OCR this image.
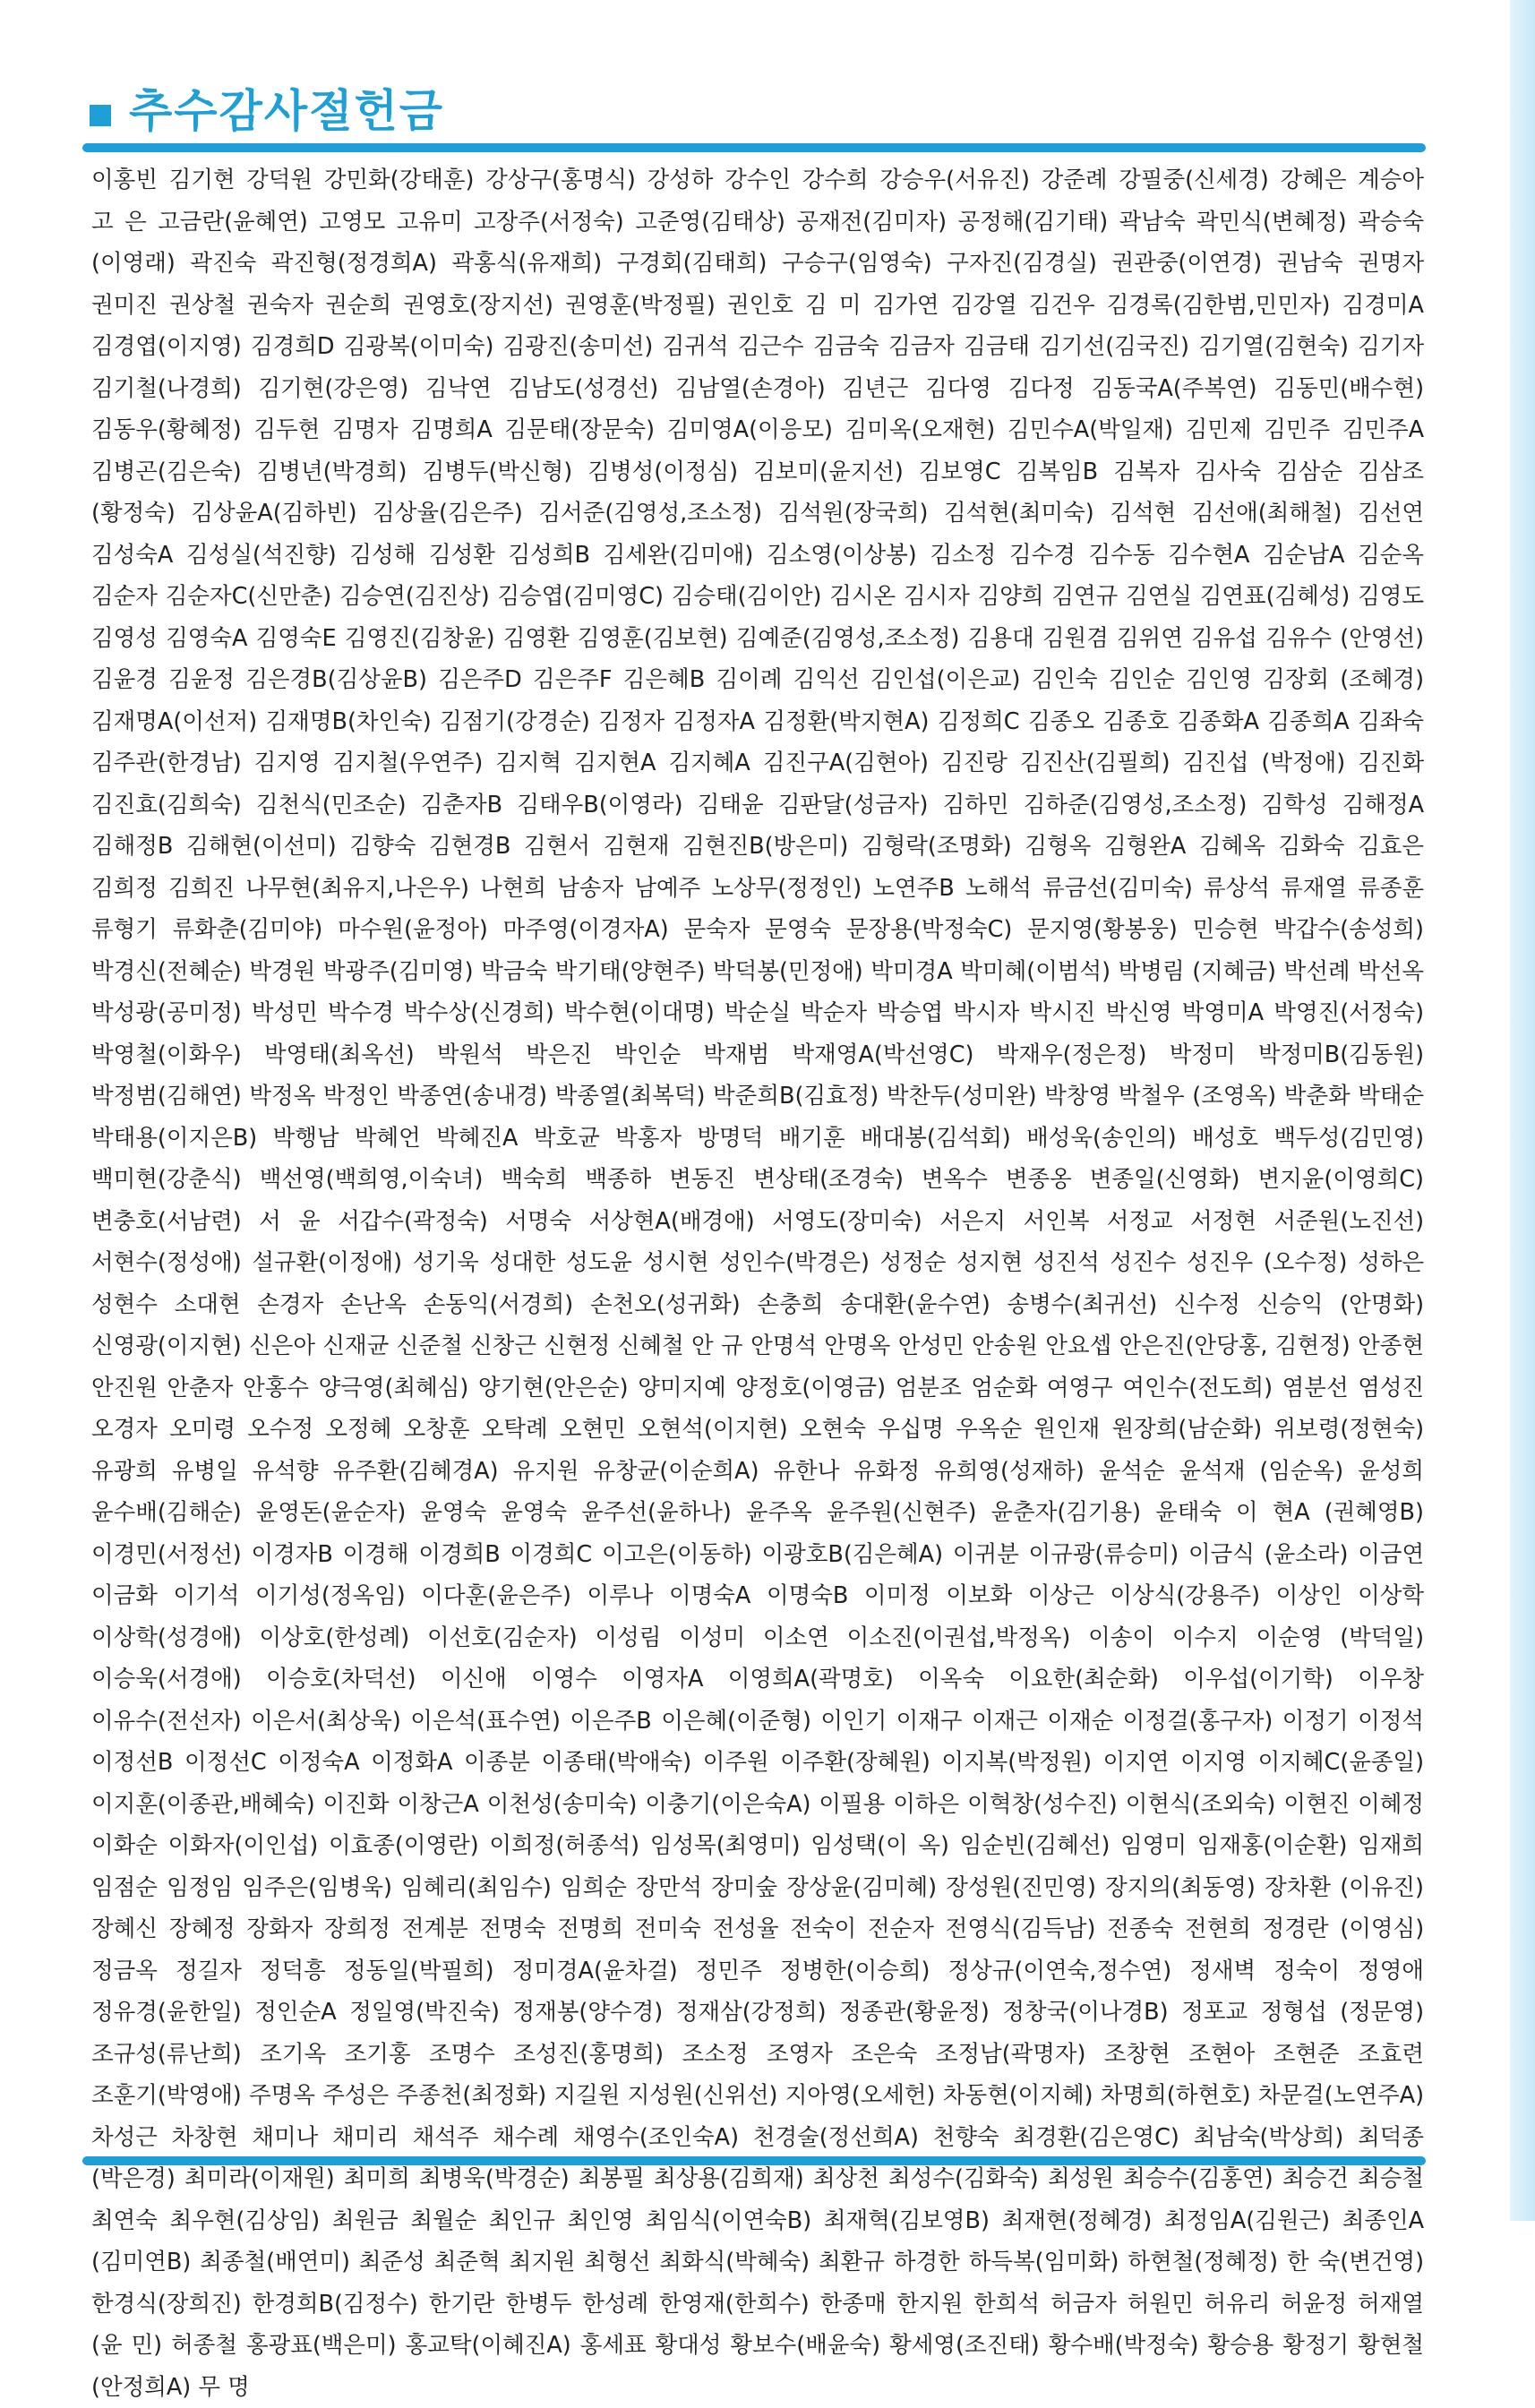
추수감사절헌금

이홍빈 김기현 강덕원 강민화(강태훈) 강상구(홍명식) 강성하 강수인 강수희 강승우(서유진) 강준례 강필중(신세경) 강혜은 계승아 고 은 고금란(윤혜연) 고영모 고유미 고장주(서정숙) 고준영(김태상) 공재전(김미자) 공정해(김기태) 곽남숙 곽민식(변혜정) 곽승숙 (이영래) 곽진숙 곽진형(정경희A) 곽홍식(유재희) 구경회(김태희) 구승구(임영숙) 구자진(김경실) 권관중(이연경) 권남숙 권명자 권미진 권상철 권숙자 권순희 권영호(장지선) 권영훈(박정필) 권인호 김 미 김가연 김강열 김건우 김경록(김한범,민민자) 김경미A 김경엽(이지영) 김경희D 김광복(이미숙) 김광진(송미선) 김귀석 김근수 김금숙 김금자 김금태 김기선(김국진) 김기열(김현숙) 김기자 김기철(나경희) 김기현(강은영) 김낙연 김남도(성경선) 김남열(손경아) 김년근 김다영 김다정 김동국A(주복연) 김동민(배수현) 김동우(황혜정) 김두현 김명자 김명희A 김문태(장문숙) 김미영A(이응모) 김미옥(오재현) 김민수A(박일재) 김민제 김민주 김민주A 김병곤(김은숙) 김병년(박경희) 김병두(박신형) 김병성(이정심) 김보미(윤지선) 김보영C 김복임B 김복자 김사숙 김삼순 김삼조 (황정숙) 김상윤A(김하빈) 김상율(김은주) 김서준(김영성,조소정) 김석원(장국희) 김석현(최미숙) 김석현 김선애(최해철) 김선연 김성숙A 김성실(석진향) 김성해 김성환 김성희B 김세완(김미애) 김소영(이상봉) 김소정 김수경 김수동 김수현A 김순남A 김순옥 김순자 김순자C(신만춘) 김승연(김진상) 김승엽(김미영C) 김승태(김이안) 김시온 김시자 김양희 김연규 김연실 김연표(김혜성) 김영도 김영성 김영숙A 김영숙E 김영진(김창윤) 김영환 김영훈(김보현) 김예준(김영성,조소정) 김용대 김원겸 김위연 김유섭 김유수 (안영선) 김윤경 김윤정 김은경B(김상윤B) 김은주D 김은주F 김은혜B 김이례 김익선 김인섭(이은교) 김인숙 김인순 김인영 김장회 (조혜경) 김재명A(이선저) 김재명B(차인숙) 김점기(강경순) 김정자 김정자A 김정환(박지현A) 김정희C 김종오 김종호 김종화A 김종희A 김좌숙 김주관(한경남) 김지영 김지철(우연주) 김지혁 김지현A 김지혜A 김진구A(김현아) 김진랑 김진산(김필희) 김진섭 (박정애) 김진화 김진효(김희숙) 김천식(민조순) 김춘자B 김태우B(이영라) 김태윤 김판달(성금자) 김하민 김하준(김영성,조소정) 김학성 김해정A 김해정B 김해현(이선미) 김향숙 김현경B 김현서 김현재 김현진B(방은미) 김형락(조명화) 김형옥 김형완A 김혜옥 김화숙 김효은 김희정 김희진 나무현(최유지,나은우) 나현희 남송자 남예주 노상무(정정인) 노연주B 노해석 류금선(김미숙) 류상석 류재열 류종훈 류형기 류화춘(김미야) 마수원(윤정아) 마주영(이경자A) 문숙자 문영숙 문장용(박정숙C) 문지영(황봉웅) 민승현 박갑수(송성희) 박경신(전혜순) 박경원 박광주(김미영) 박금숙 박기태(양현주) 박덕봉(민정애) 박미경A 박미혜(이범석) 박병림 (지혜금) 박선례 박선옥 박성광(공미정) 박성민 박수경 박수상(신경희) 박수현(이대명) 박순실 박순자 박승엽 박시자 박시진 박신영 박영미A 박영진(서정숙) 박영철(이화우) 박영태(최옥선) 박원석 박은진 박인순 박재범 박재영A(박선영C) 박재우(정은정) 박정미 박정미B(김동원) 박정범(김해연) 박정옥 박정인 박종연(송내경) 박종열(최복덕) 박준희B(김효정) 박찬두(성미완) 박창영 박철우 (조영옥) 박춘화 박태순 박태용(이지은B) 박행남 박혜언 박혜진A 박호균 박홍자 방명덕 배기훈 배대봉(김석회) 배성욱(송인의) 배성호 백두성(김민영) 백미현(강춘식) 백선영(백희영,이숙녀) 백숙희 백종하 변동진 변상태(조경숙) 변옥수 변종옹 변종일(신영화) 변지윤(이영희C) 변충호(서남련) 서 윤 서갑수(곽정숙) 서명숙 서상현A(배경애) 서영도(장미숙) 서은지 서인복 서정교 서정현 서준원(노진선) 서현수(정성애) 설규환(이정애) 성기욱 성대한 성도윤 성시현 성인수(박경은) 성정순 성지현 성진석 성진수 성진우 (오수정) 성하은 성현수 소대현 손경자 손난옥 손동익(서경희) 손천오(성귀화) 손충희 송대환(윤수연) 송병수(최귀선) 신수정 신승익 (안명화) 신영광(이지현) 신은아 신재균 신준철 신창근 신현정 신혜철 안 규 안명석 안명옥 안성민 안송원 안요셉 안은진(안당홍, 김현정) 안종현 안진원 안춘자 안홍수 양극영(최혜심) 양기현(안은순) 양미지예 양정호(이영금) 엄분조 엄순화 여영구 여인수(전도희) 염분선 염성진 오경자 오미령 오수정 오정혜 오창훈 오탁례 오현민 오현석(이지현) 오현숙 우십명 우옥순 원인재 원장희(남순화) 위보령(정현숙) 유광희 유병일 유석향 유주환(김혜경A) 유지원 유창균(이순희A) 유한나 유화정 유희영(성재하) 윤석순 윤석재 (임순옥) 윤성희 윤수배(김해순) 윤영돈(윤순자) 윤영숙 윤영숙 윤주선(윤하나) 윤주옥 윤주원(신현주) 윤춘자(김기용) 윤태숙 이 현A (권혜영B) 이경민(서정선) 이경자B 이경해 이경희B 이경희C 이고은(이동하) 이광호B(김은혜A) 이귀분 이규광(류승미) 이금식 (윤소라) 이금연 이금화 이기석 이기성(정옥임) 이다훈(윤은주) 이루나 이명숙A 이명숙B 이미정 이보화 이상근 이상식(강용주) 이상인 이상학 이상학(성경애) 이상호(한성례) 이선호(김순자) 이성림 이성미 이소연 이소진(이권섭,박정옥) 이송이 이수지 이순영 (박덕일) 이승욱(서경애) 이승호(차덕선) 이신애 이영수 이영자A 이영희A(곽명호) 이옥숙 이요한(최순화) 이우섭(이기학) 이우창 이유수(전선자) 이은서(최상욱) 이은석(표수연) 이은주B 이은혜(이준형) 이인기 이재구 이재근 이재순 이정걸(홍구자) 이정기 이정석 이정선B 이정선C 이정숙A 이정화A 이종분 이종태(박애숙) 이주원 이주환(장혜원) 이지복(박정원) 이지연 이지영 이지혜C(윤종일) 이지훈(이종관,배혜숙) 이진화 이창근A 이천성(송미숙) 이충기(이은숙A) 이필용 이하은 이혁창(성수진) 이현식(조외숙) 이현진 이혜정 이화순 이화자(이인섭) 이효종(이영란) 이희정(허종석) 임성목(최영미) 임성택(이 옥) 임순빈(김혜선) 임영미 임재홍(이순환) 임재희 임점순 임정임 임주은(임병욱) 임혜리(최임수) 임희순 장만석 장미숲 장상윤(김미혜) 장성원(진민영) 장지의(최동영) 장차환 (이유진) 장혜신 장혜정 장화자 장희정 전계분 전명숙 전명희 전미숙 전성율 전숙이 전순자 전영식(김득남) 전종숙 전현희 정경란 (이영심) 정금옥 정길자 정덕흥 정동일(박필희) 정미경A(윤차걸) 정민주 정병한(이승희) 정상규(이연숙,정수연) 정새벽 정숙이 정영애 정유경(윤한일) 정인순A 정일영(박진숙) 정재봉(양수경) 정재삼(강정희) 정종관(황윤정) 정창국(이나경B) 정포교 정형섭 (정문영) 조규성(류난희) 조기옥 조기홍 조명수 조성진(홍명희) 조소정 조영자 조은숙 조정남(곽명자) 조창현 조현아 조현준 조효련 조훈기(박영애) 주명옥 주성은 주종천(최정화) 지길원 지성원(신위선) 지아영(오세헌) 차동현(이지혜) 차명희(하현호) 차문걸(노연주A) 차성근 차창현 채미나 채미리 채석주 채수례 채영수(조인숙A) 천경술(정선희A) 천향숙 최경환(김은영C) 최남숙(박상희) 최덕종 (박은경) 최미라(이재원) 최미희 최병욱(박경순) 최봉필 최상용(김희재) 최상천 최성수(김화숙) 최성원 최승수(김홍연) 최승건 최승철 최연숙 최우현(김상임) 최원금 최월순 최인규 최인영 최임식(이연숙B) 최재혁(김보영B) 최재현(정혜경) 최정임A(김원근) 최종인A (김미연B) 최종철(배연미) 최준성 최준혁 최지원 최형선 최화식(박혜숙) 최환규 하경한 하득복(임미화) 하현철(정혜정) 한 숙(변건영) 한경식(장희진) 한경희B(김정수) 한기란 한병두 한성례 한영재(한희수) 한종매 한지원 한희석 허금자 허원민 허유리 허윤정 허재열 (윤 민) 허종철 홍광표(백은미) 홍교탁(이혜진A) 홍세표 황대성 황보수(배윤숙) 황세영(조진태) 황수배(박정숙) 황승용 황정기 황현철 (안정희A) 무 명
